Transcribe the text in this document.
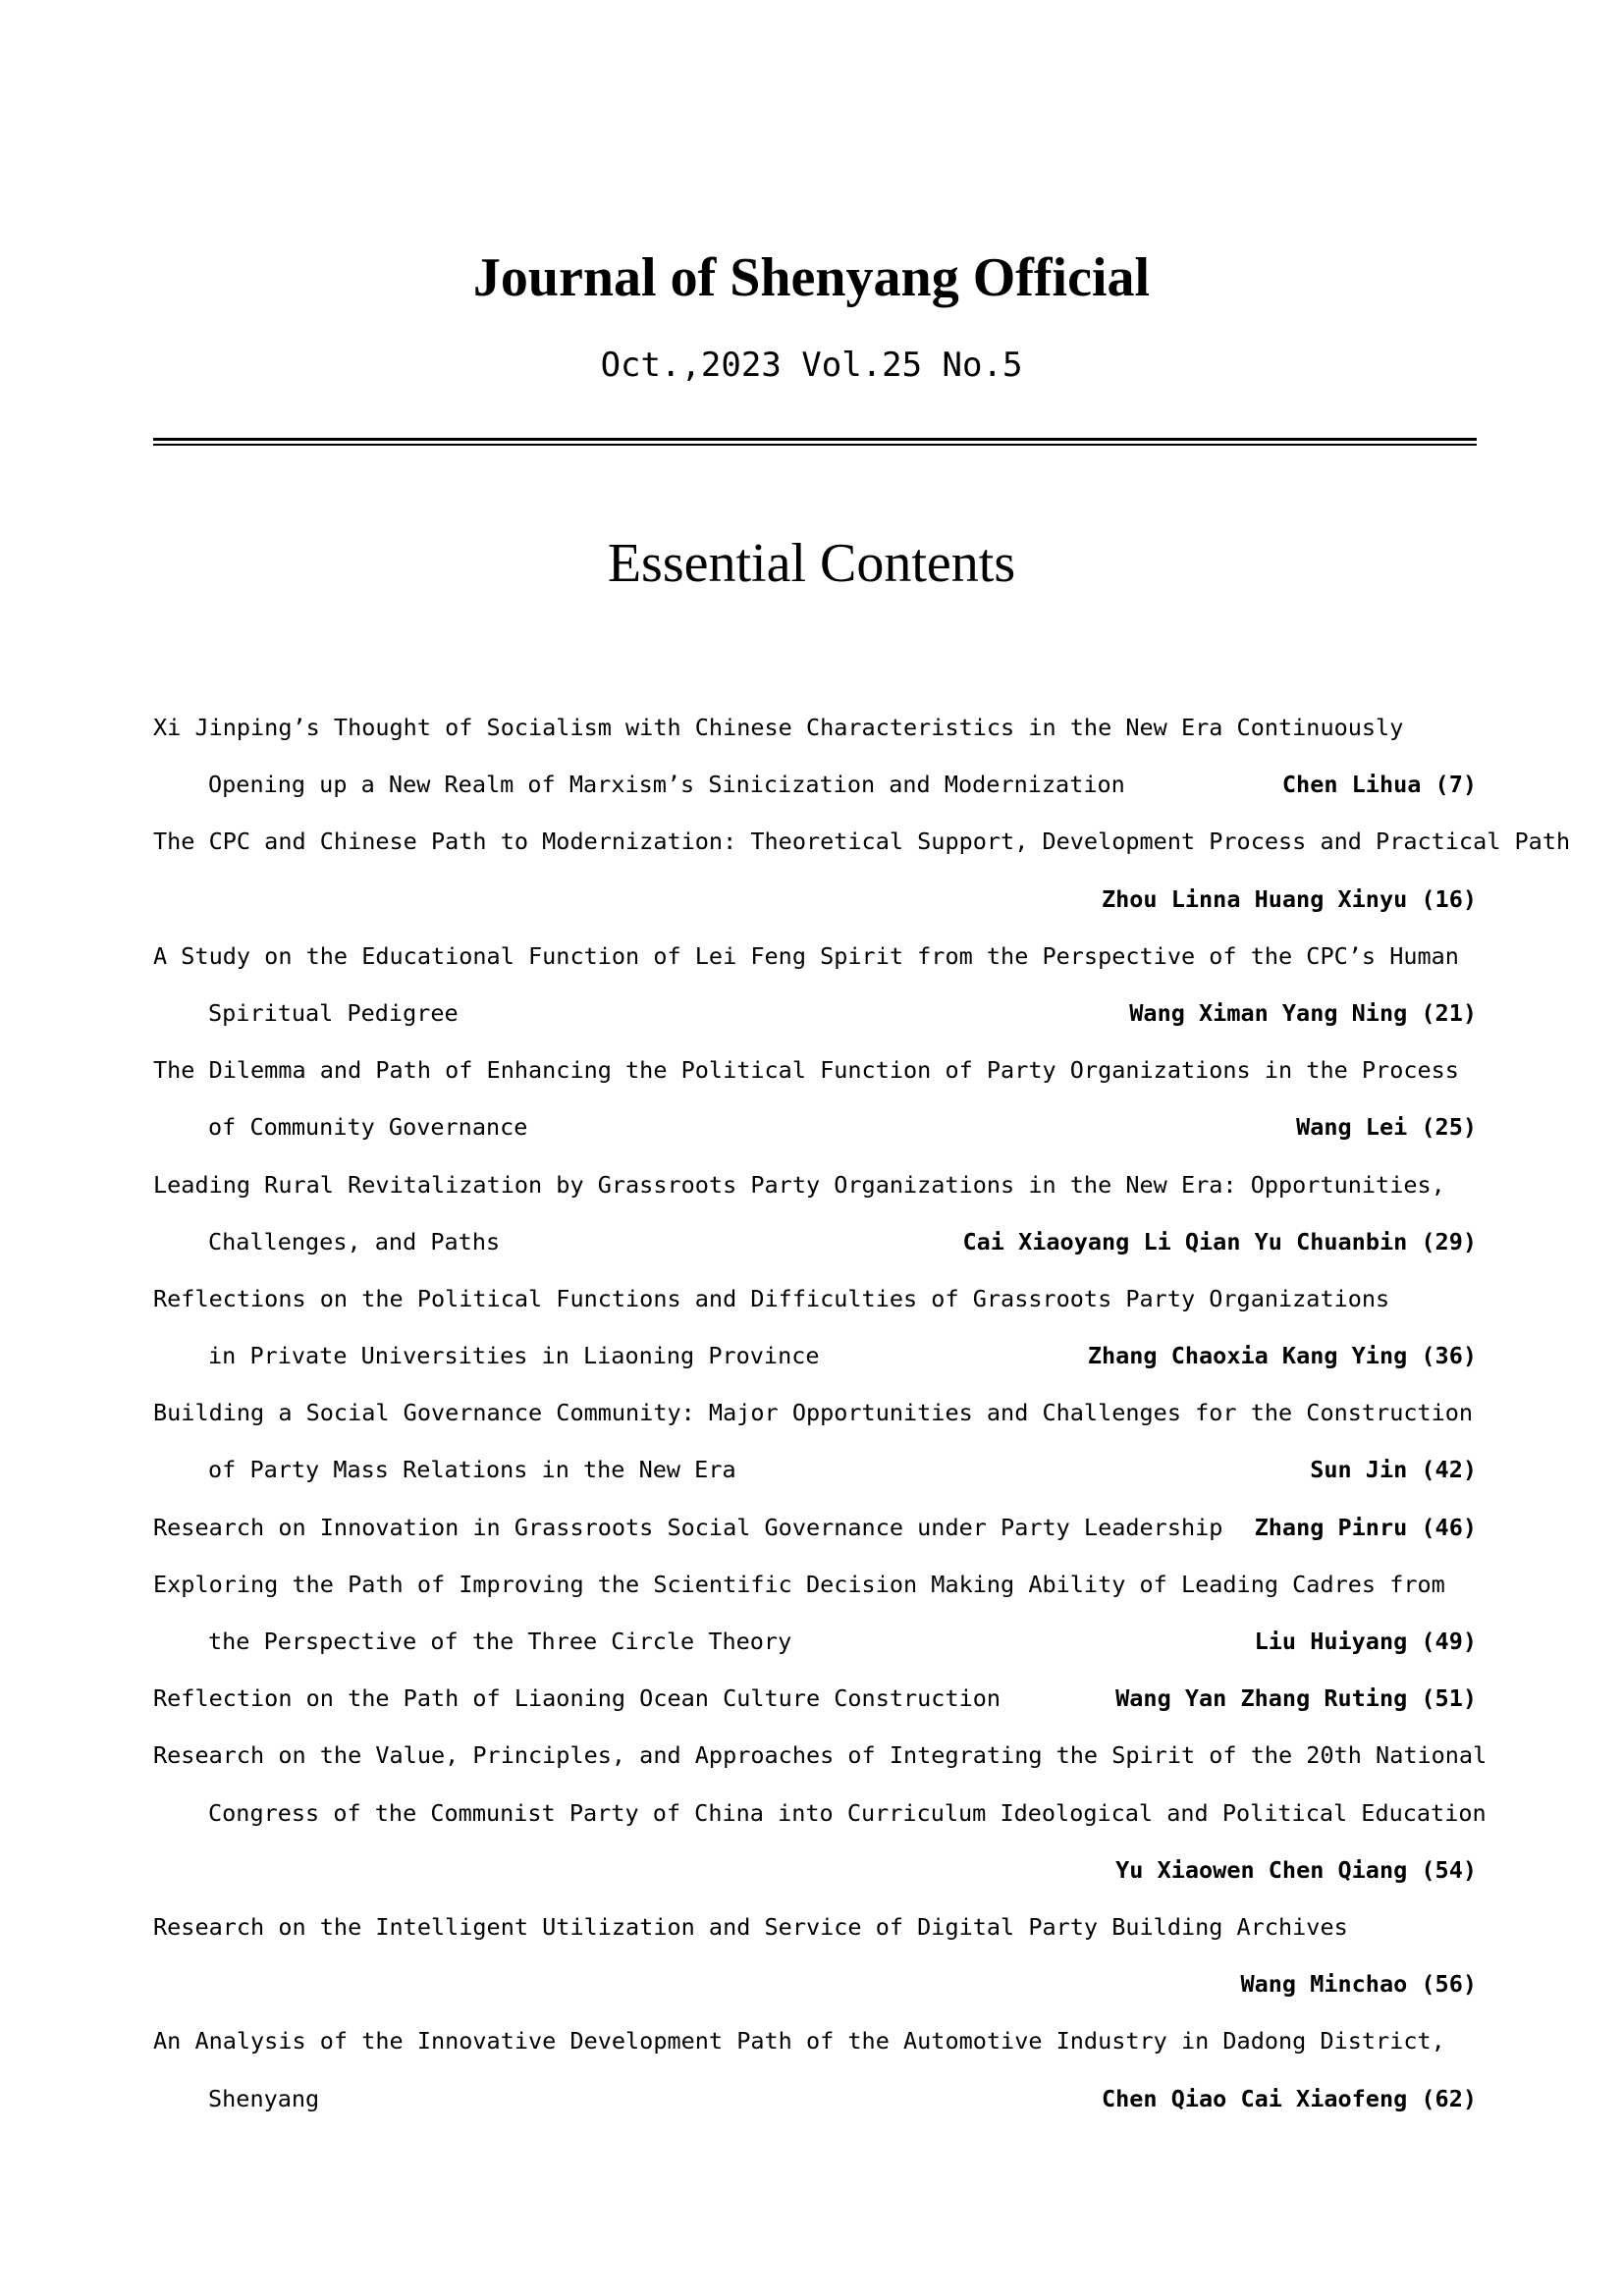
Journal of Shenyang Official
Oct.,2023 Vol.25 No.5
Essential Contents
Xi Jinping’s Thought of Socialism with Chinese Characteristics in the New Era Continuously
Opening up a New Realm of Marxism’s Sinicization and Modernization	Chen Lihua (7)
The CPC and Chinese Path to Modernization: Theoretical Support, Development Process and Practical Path
Zhou Linna Huang Xinyu (16)
A Study on the Educational Function of Lei Feng Spirit from the Perspective of the CPC’s Human
Spiritual Pedigree	Wang Ximan Yang Ning (21)
The Dilemma and Path of Enhancing the Political Function of Party Organizations in the Process
of Community Governance	Wang Lei (25)
Leading Rural Revitalization by Grassroots Party Organizations in the New Era: Opportunities,
Challenges, and Paths	Cai Xiaoyang Li Qian Yu Chuanbin (29)
Reflections on the Political Functions and Difficulties of Grassroots Party Organizations
in Private Universities in Liaoning Province	Zhang Chaoxia Kang Ying (36)
Building a Social Governance Community: Major Opportunities and Challenges for the Construction
of Party Mass Relations in the New Era	Sun Jin (42)
Research on Innovation in Grassroots Social Governance under Party Leadership	Zhang Pinru (46)
Exploring the Path of Improving the Scientific Decision Making Ability of Leading Cadres from
the Perspective of the Three Circle Theory	Liu Huiyang (49)
Reflection on the Path of Liaoning Ocean Culture Construction	Wang Yan Zhang Ruting (51)
Research on the Value, Principles, and Approaches of Integrating the Spirit of the 20th National
Congress of the Communist Party of China into Curriculum Ideological and Political Education
Yu Xiaowen Chen Qiang (54)
Research on the Intelligent Utilization and Service of Digital Party Building Archives
Wang Minchao (56)
An Analysis of the Innovative Development Path of the Automotive Industry in Dadong District,
Shenyang	Chen Qiao Cai Xiaofeng (62)
